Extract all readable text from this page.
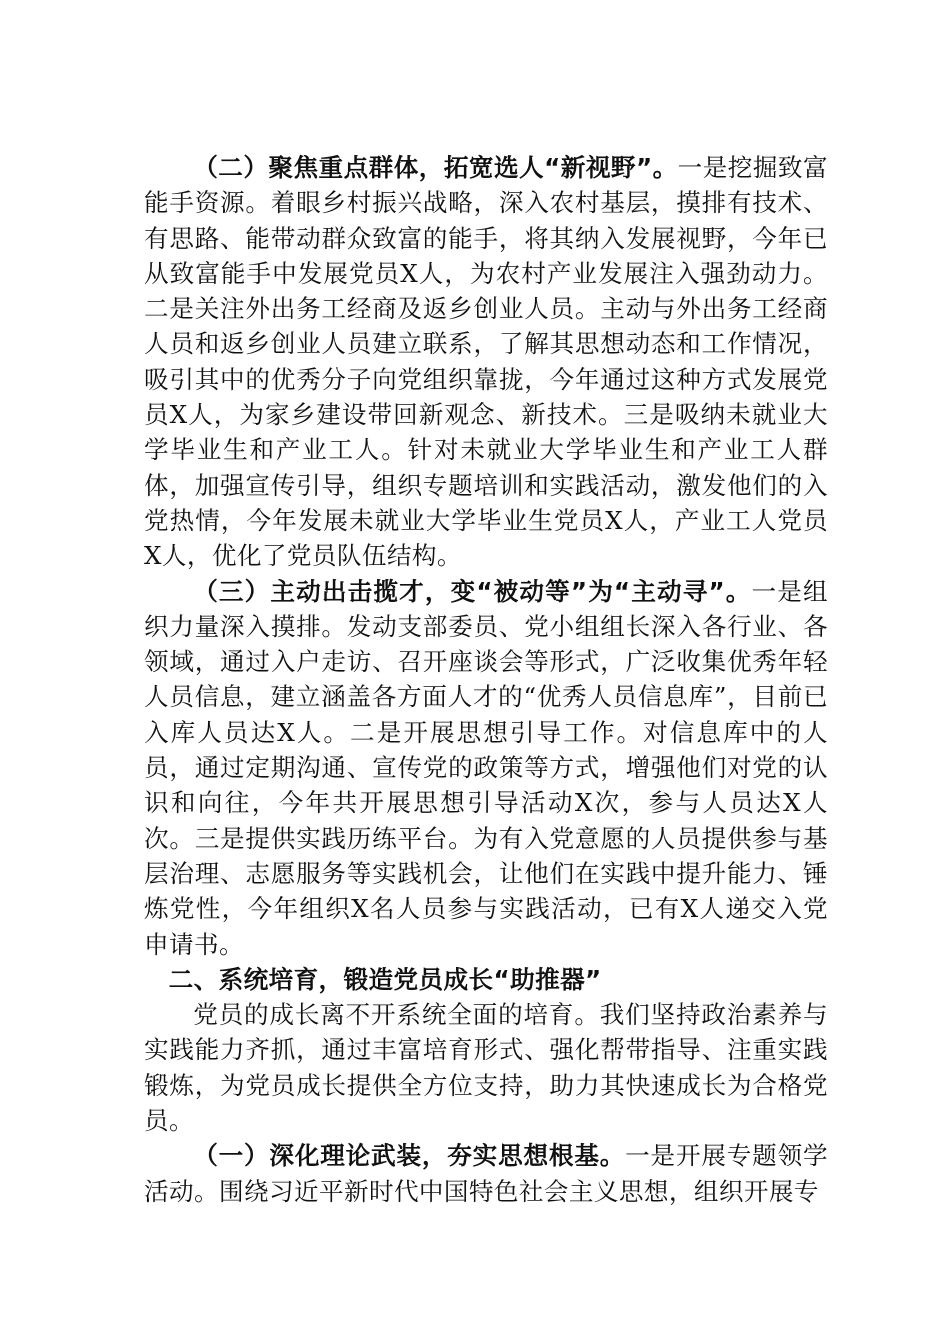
（二）聚焦重点群体，拓宽选人“新视野”。一是挖掘致富能手资源。着眼乡村振兴战略，深入农村基层，摸排有技术、有思路、能带动群众致富的能手，将其纳入发展视野，今年已从致富能手中发展党员X人，为农村产业发展注入强劲动力。二是关注外出务工经商及返乡创业人员。主动与外出务工经商人员和返乡创业人员建立联系，了解其思想动态和工作情况，吸引其中的优秀分子向党组织靠拢，今年通过这种方式发展党员X人，为家乡建设带回新观念、新技术。三是吸纳未就业大学毕业生和产业工人。针对未就业大学毕业生和产业工人群体，加强宣传引导，组织专题培训和实践活动，激发他们的入党热情，今年发展未就业大学毕业生党员X人，产业工人党员X人，优化了党员队伍结构。

（三）主动出击揽才，变“被动等”为“主动寻”。一是组织力量深入摸排。发动支部委员、党小组组长深入各行业、各领域，通过入户走访、召开座谈会等形式，广泛收集优秀年轻人员信息，建立涵盖各方面人才的“优秀人员信息库”，目前已入库人员达X人。二是开展思想引导工作。对信息库中的人员，通过定期沟通、宣传党的政策等方式，增强他们对党的认识和向往，今年共开展思想引导活动X次，参与人员达X人次。三是提供实践历练平台。为有入党意愿的人员提供参与基层治理、志愿服务等实践机会，让他们在实践中提升能力、锤炼党性，今年组织X名人员参与实践活动，已有X人递交入党申请书。

二、系统培育，锻造党员成长“助推器”

党员的成长离不开系统全面的培育。我们坚持政治素养与实践能力齐抓，通过丰富培育形式、强化帮带指导、注重实践锻炼，为党员成长提供全方位支持，助力其快速成长为合格党员。

（一）深化理论武装，夯实思想根基。一是开展专题领学活动。围绕习近平新时代中国特色社会主义思想，组织开展专
